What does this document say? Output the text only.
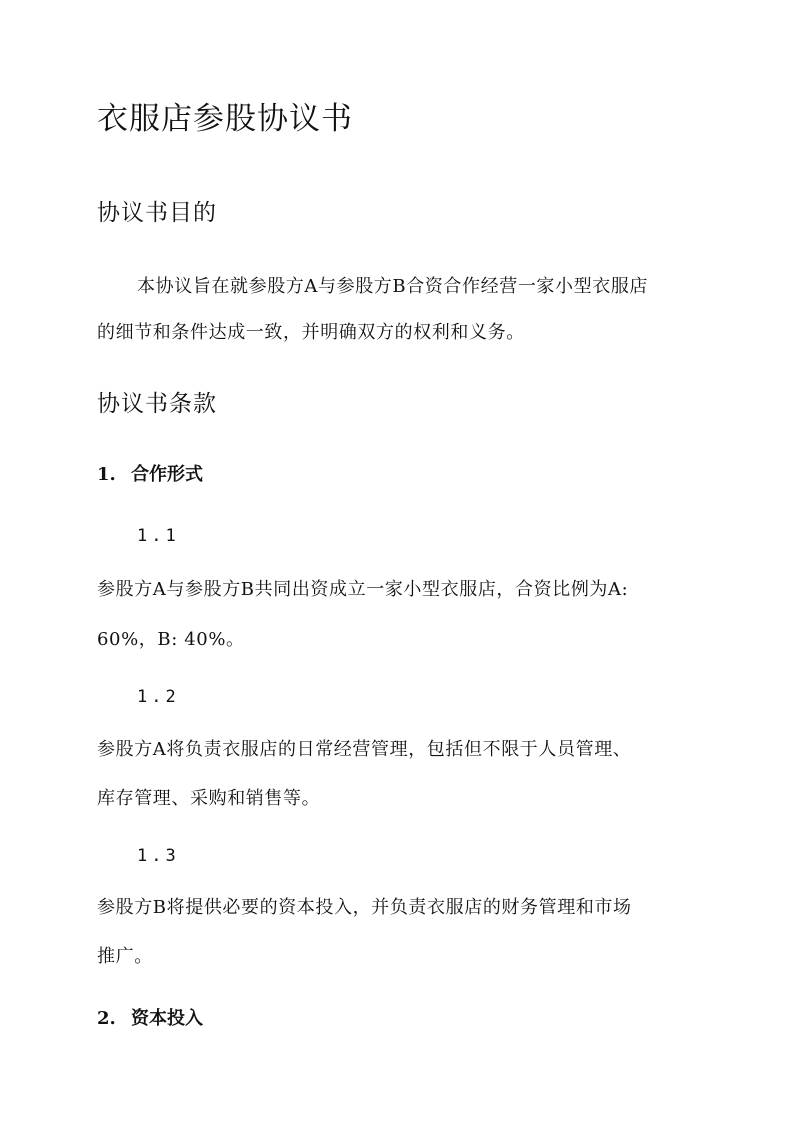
衣服店参股协议书
协议书目的

本协议旨在就参股方A与参股方B合资合作经营一家小型衣服店

的细节和条件达成一致，并明确双方的权利和义务。

协议书条款
1. 合作形式

1.1

参股方A与参股方B共同出资成立一家小型衣服店，合资比例为A:

60%，B: 40%。

1.2

参股方A将负责衣服店的日常经营管理，包括但不限于人员管理、

库存管理、采购和销售等。

1.3

参股方B将提供必要的资本投入，并负责衣服店的财务管理和市场

推广。

2. 资本投入
